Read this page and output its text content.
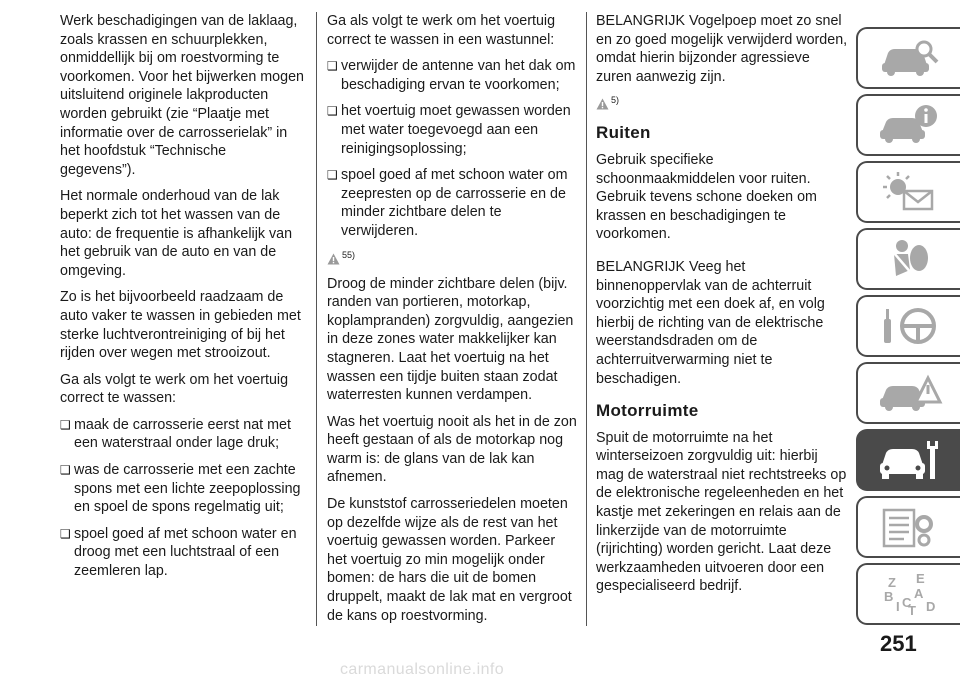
Werk beschadigingen van de laklaag, zoals krassen en schuurplekken, onmiddellijk bij om roestvorming te voorkomen. Voor het bijwerken mogen uitsluitend originele lakproducten worden gebruikt (zie “Plaatje met informatie over de carrosserielak” in het hoofdstuk “Technische gegevens”).

Het normale onderhoud van de lak beperkt zich tot het wassen van de auto: de frequentie is afhankelijk van het gebruik van de auto en van de omgeving.

Zo is het bijvoorbeeld raadzaam de auto vaker te wassen in gebieden met sterke luchtverontreiniging of bij het rijden over wegen met strooizout.

Ga als volgt te werk om het voertuig correct te wassen:

❑ maak de carrosserie eerst nat met een waterstraal onder lage druk;
❑ was de carrosserie met een zachte spons met een lichte zeepoplossing en spoel de spons regelmatig uit;
❑ spoel goed af met schoon water en droog met een luchtstraal of een zeemleren lap.

Ga als volgt te werk om het voertuig correct te wassen in een wastunnel:

❑ verwijder de antenne van het dak om beschadiging ervan te voorkomen;
❑ het voertuig moet gewassen worden met water toegevoegd aan een reinigingsoplossing;
❑ spoel goed af met schoon water om zeepresten op de carrosserie en de minder zichtbare delen te verwijderen.
55)

Droog de minder zichtbare delen (bijv. randen van portieren, motorkap, koplampranden) zorgvuldig, aangezien in deze zones water makkelijker kan stagneren. Laat het voertuig na het wassen een tijdje buiten staan zodat waterresten kunnen verdampen.

Was het voertuig nooit als het in de zon heeft gestaan of als de motorkap nog warm is: de glans van de lak kan afnemen.

De kunststof carrosseriedelen moeten op dezelfde wijze als de rest van het voertuig gewassen worden. Parkeer het voertuig zo min mogelijk onder bomen: de hars die uit de bomen druppelt, maakt de lak mat en vergroot de kans op roestvorming.

BELANGRIJK Vogelpoep moet zo snel en zo goed mogelijk verwijderd worden, omdat hierin bijzonder agressieve zuren aanwezig zijn.

5)
Ruiten

Gebruik specifieke schoonmaakmiddelen voor ruiten. Gebruik tevens schone doeken om krassen en beschadigingen te voorkomen.

BELANGRIJK Veeg het binnenoppervlak van de achterruit voorzichtig met een doek af, en volg hierbij de richting van de elektrische weerstandsdraden om de achterruitverwarming niet te beschadigen.

Motorruimte

Spuit de motorruimte na het winterseizoen zorgvuldig uit: hierbij mag de waterstraal niet rechtstreeks op de elektronische regeleenheden en het kastje met zekeringen en relais aan de linkerzijde van de motorruimte (rijrichting) worden gericht. Laat deze werkzaamheden uitvoeren door een gespecialiseerd bedrijf.	Z E
B A
I C
T D
251
carmanualsonline.info
